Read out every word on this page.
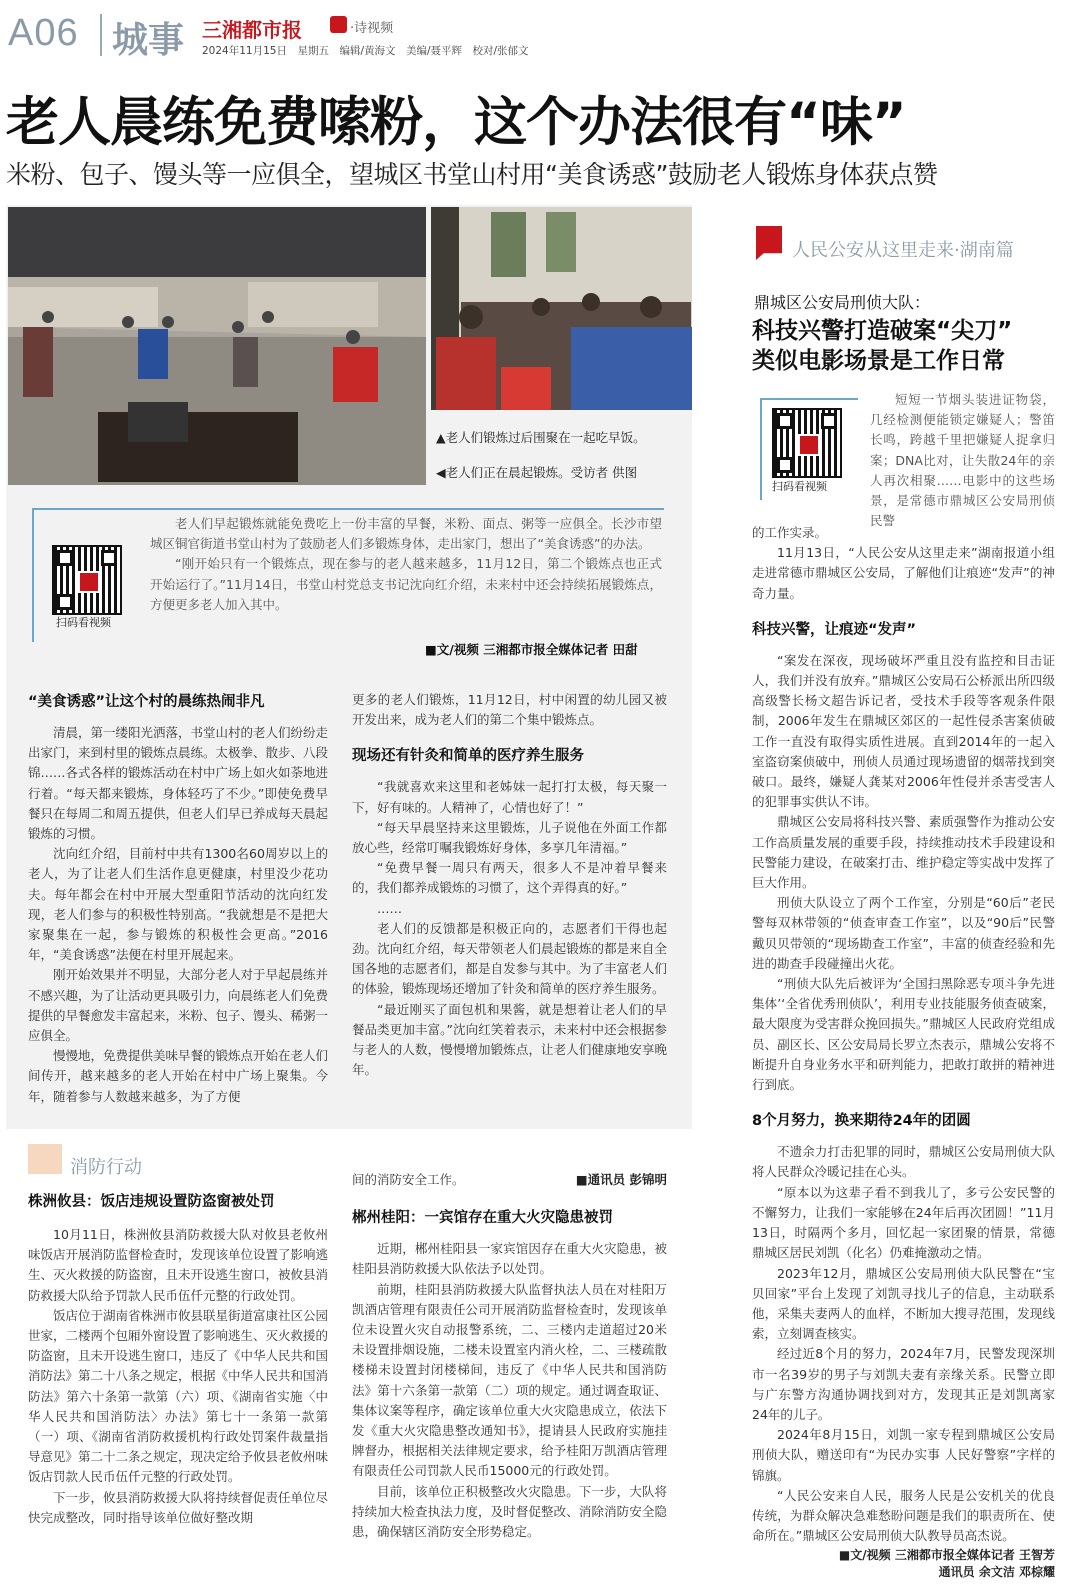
A06 城事 三湘都市报	·诗视频
2024年11月15日　星期五　编辑/黄海文　美编/聂平辉　校对/张郁文
老人晨练免费嗦粉，这个办法很有“味”
米粉、包子、馒头等一应俱全，望城区书堂山村用“美食诱惑”鼓励老人锻炼身体获点赞
▲老人们锻炼过后围聚在一起吃早饭。
◀老人们正在晨起锻炼。受访者 供图
扫码看视频

老人们早起锻炼就能免费吃上一份丰富的早餐，米粉、面点、粥等一应俱全。长沙市望城区铜官街道书堂山村为了鼓励老人们多锻炼身体，走出家门，想出了“美食诱惑”的办法。

“刚开始只有一个锻炼点，现在参与的老人越来越多，11月12日，第二个锻炼点也正式开始运行了。”11月14日，书堂山村党总支书记沈向红介绍，未来村中还会持续拓展锻炼点，方便更多老人加入其中。

■文/视频 三湘都市报全媒体记者 田甜

“美食诱惑”让这个村的晨练热闹非凡

清晨，第一缕阳光洒落，书堂山村的老人们纷纷走出家门，来到村里的锻炼点晨练。太极拳、散步、八段锦……各式各样的锻炼活动在村中广场上如火如荼地进行着。“每天都来锻炼，身体轻巧了不少。”即使免费早餐只在每周二和周五提供，但老人们早已养成每天晨起锻炼的习惯。

沈向红介绍，目前村中共有1300名60周岁以上的老人，为了让老人们生活作息更健康，村里没少花功夫。每年都会在村中开展大型重阳节活动的沈向红发现，老人们参与的积极性特别高。“我就想是不是把大家聚集在一起，参与锻炼的积极性会更高。”2016年，“美食诱惑”法便在村里开展起来。

刚开始效果并不明显，大部分老人对于早起晨练并不感兴趣，为了让活动更具吸引力，向晨练老人们免费提供的早餐愈发丰富起来，米粉、包子、馒头、稀粥一应俱全。

慢慢地，免费提供美味早餐的锻炼点开始在老人们间传开，越来越多的老人开始在村中广场上聚集。今年，随着参与人数越来越多，为了方便

更多的老人们锻炼，11月12日，村中闲置的幼儿园又被开发出来，成为老人们的第二个集中锻炼点。

现场还有针灸和简单的医疗养生服务

“我就喜欢来这里和老姊妹一起打打太极，每天聚一下，好有味的。人精神了，心情也好了！”

“每天早晨坚持来这里锻炼，儿子说他在外面工作都放心些，经常叮嘱我锻炼好身体，多享几年清福。”

“免费早餐一周只有两天，很多人不是冲着早餐来的，我们都养成锻炼的习惯了，这个弄得真的好。”

……

老人们的反馈都是积极正向的，志愿者们干得也起劲。沈向红介绍，每天带领老人们晨起锻炼的都是来自全国各地的志愿者们，都是自发参与其中。为了丰富老人们的体验，锻炼现场还增加了针灸和简单的医疗养生服务。

“最近刚买了面包机和果酱，就是想着让老人们的早餐品类更加丰富。”沈向红笑着表示，未来村中还会根据参与老人的人数，慢慢增加锻炼点，让老人们健康地安享晚年。

消防行动

株洲攸县：饭店违规设置防盗窗被处罚

10月11日，株洲攸县消防救援大队对攸县老攸州味饭店开展消防监督检查时，发现该单位设置了影响逃生、灭火救援的防盗窗，且未开设逃生窗口，被攸县消防救援大队给予罚款人民币伍仟元整的行政处罚。

饭店位于湖南省株洲市攸县联星街道富康社区公园世家，二楼两个包厢外窗设置了影响逃生、灭火救援的防盗窗，且未开设逃生窗口，违反了《中华人民共和国消防法》第二十八条之规定，根据《中华人民共和国消防法》第六十条第一款第（六）项、《湖南省实施〈中华人民共和国消防法〉办法》第七十一条第一款第（一）项、《湖南省消防救援机构行政处罚案件裁量指导意见》第二十二条之规定，现决定给予攸县老攸州味饭店罚款人民币伍仟元整的行政处罚。

下一步，攸县消防救援大队将持续督促责任单位尽快完成整改，同时指导该单位做好整改期

间的消防安全工作。	■通讯员 彭锦明

郴州桂阳：一宾馆存在重大火灾隐患被罚

近期，郴州桂阳县一家宾馆因存在重大火灾隐患，被桂阳县消防救援大队依法予以处罚。

前期，桂阳县消防救援大队监督执法人员在对桂阳万凯酒店管理有限责任公司开展消防监督检查时，发现该单位未设置火灾自动报警系统，二、三楼内走道超过20米未设置排烟设施，二楼未设置室内消火栓，二、三楼疏散楼梯未设置封闭楼梯间，违反了《中华人民共和国消防法》第十六条第一款第（二）项的规定。通过调查取证、集体议案等程序，确定该单位重大火灾隐患成立，依法下发《重大火灾隐患整改通知书》，提请县人民政府实施挂牌督办，根据相关法律规定要求，给予桂阳万凯酒店管理有限责任公司罚款人民币15000元的行政处罚。

目前，该单位正积极整改火灾隐患。下一步，大队将持续加大检查执法力度，及时督促整改、消除消防安全隐患，确保辖区消防安全形势稳定。

人民公安从这里走来·湖南篇
鼎城区公安局刑侦大队：
科技兴警打造破案“尖刀”
类似电影场景是工作日常
扫码看视频

短短一节烟头装进证物袋，几经检测便能锁定嫌疑人；警笛长鸣，跨越千里把嫌疑人捉拿归案；DNA比对，让失散24年的亲人再次相聚……电影中的这些场景，是常德市鼎城区公安局刑侦民警

的工作实录。

11月13日，“人民公安从这里走来”湖南报道小组走进常德市鼎城区公安局，了解他们让痕迹“发声”的神奇力量。

科技兴警，让痕迹“发声”

“案发在深夜，现场破坏严重且没有监控和目击证人，我们并没有放弃。”鼎城区公安局石公桥派出所四级高级警长杨文超告诉记者，受技术手段等客观条件限制，2006年发生在鼎城区郊区的一起性侵杀害案侦破工作一直没有取得实质性进展。直到2014年的一起入室盗窃案侦破中，刑侦人员通过现场遗留的烟蒂找到突破口。最终，嫌疑人龚某对2006年性侵并杀害受害人的犯罪事实供认不讳。

鼎城区公安局将科技兴警、素质强警作为推动公安工作高质量发展的重要手段，持续推动技术手段建设和民警能力建设，在破案打击、维护稳定等实战中发挥了巨大作用。

刑侦大队设立了两个工作室，分别是“60后”老民警每双林带领的“侦查审查工作室”，以及“90后”民警戴贝贝带领的“现场勘查工作室”，丰富的侦查经验和先进的勘查手段碰撞出火花。

“刑侦大队先后被评为‘全国扫黑除恶专项斗争先进集体’‘全省优秀刑侦队’，利用专业技能服务侦查破案，最大限度为受害群众挽回损失。”鼎城区人民政府党组成员、副区长、区公安局局长罗立杰表示，鼎城公安将不断提升自身业务水平和研判能力，把敢打敢拼的精神进行到底。

8个月努力，换来期待24年的团圆

不遗余力打击犯罪的同时，鼎城区公安局刑侦大队将人民群众冷暖记挂在心头。

“原本以为这辈子看不到我儿了，多亏公安民警的不懈努力，让我们一家能够在24年后再次团圆！”11月13日，时隔两个多月，回忆起一家团聚的情景，常德鼎城区居民刘凯（化名）仍难掩激动之情。

2023年12月，鼎城区公安局刑侦大队民警在“宝贝回家”平台上发现了刘凯寻找儿子的信息，主动联系他，采集夫妻两人的血样，不断加大搜寻范围，发现线索，立刻调查核实。

经过近8个月的努力，2024年7月，民警发现深圳市一名39岁的男子与刘凯夫妻有亲缘关系。民警立即与广东警方沟通协调找到对方，发现其正是刘凯离家24年的儿子。

2024年8月15日，刘凯一家专程到鼎城区公安局刑侦大队，赠送印有“为民办实事 人民好警察”字样的锦旗。

“人民公安来自人民，服务人民是公安机关的优良传统，为群众解决急难愁盼问题是我们的职责所在、使命所在。”鼎城区公安局刑侦大队教导员高杰说。

■文/视频 三湘都市报全媒体记者 王智芳
通讯员 余文洁 邓棕耀
